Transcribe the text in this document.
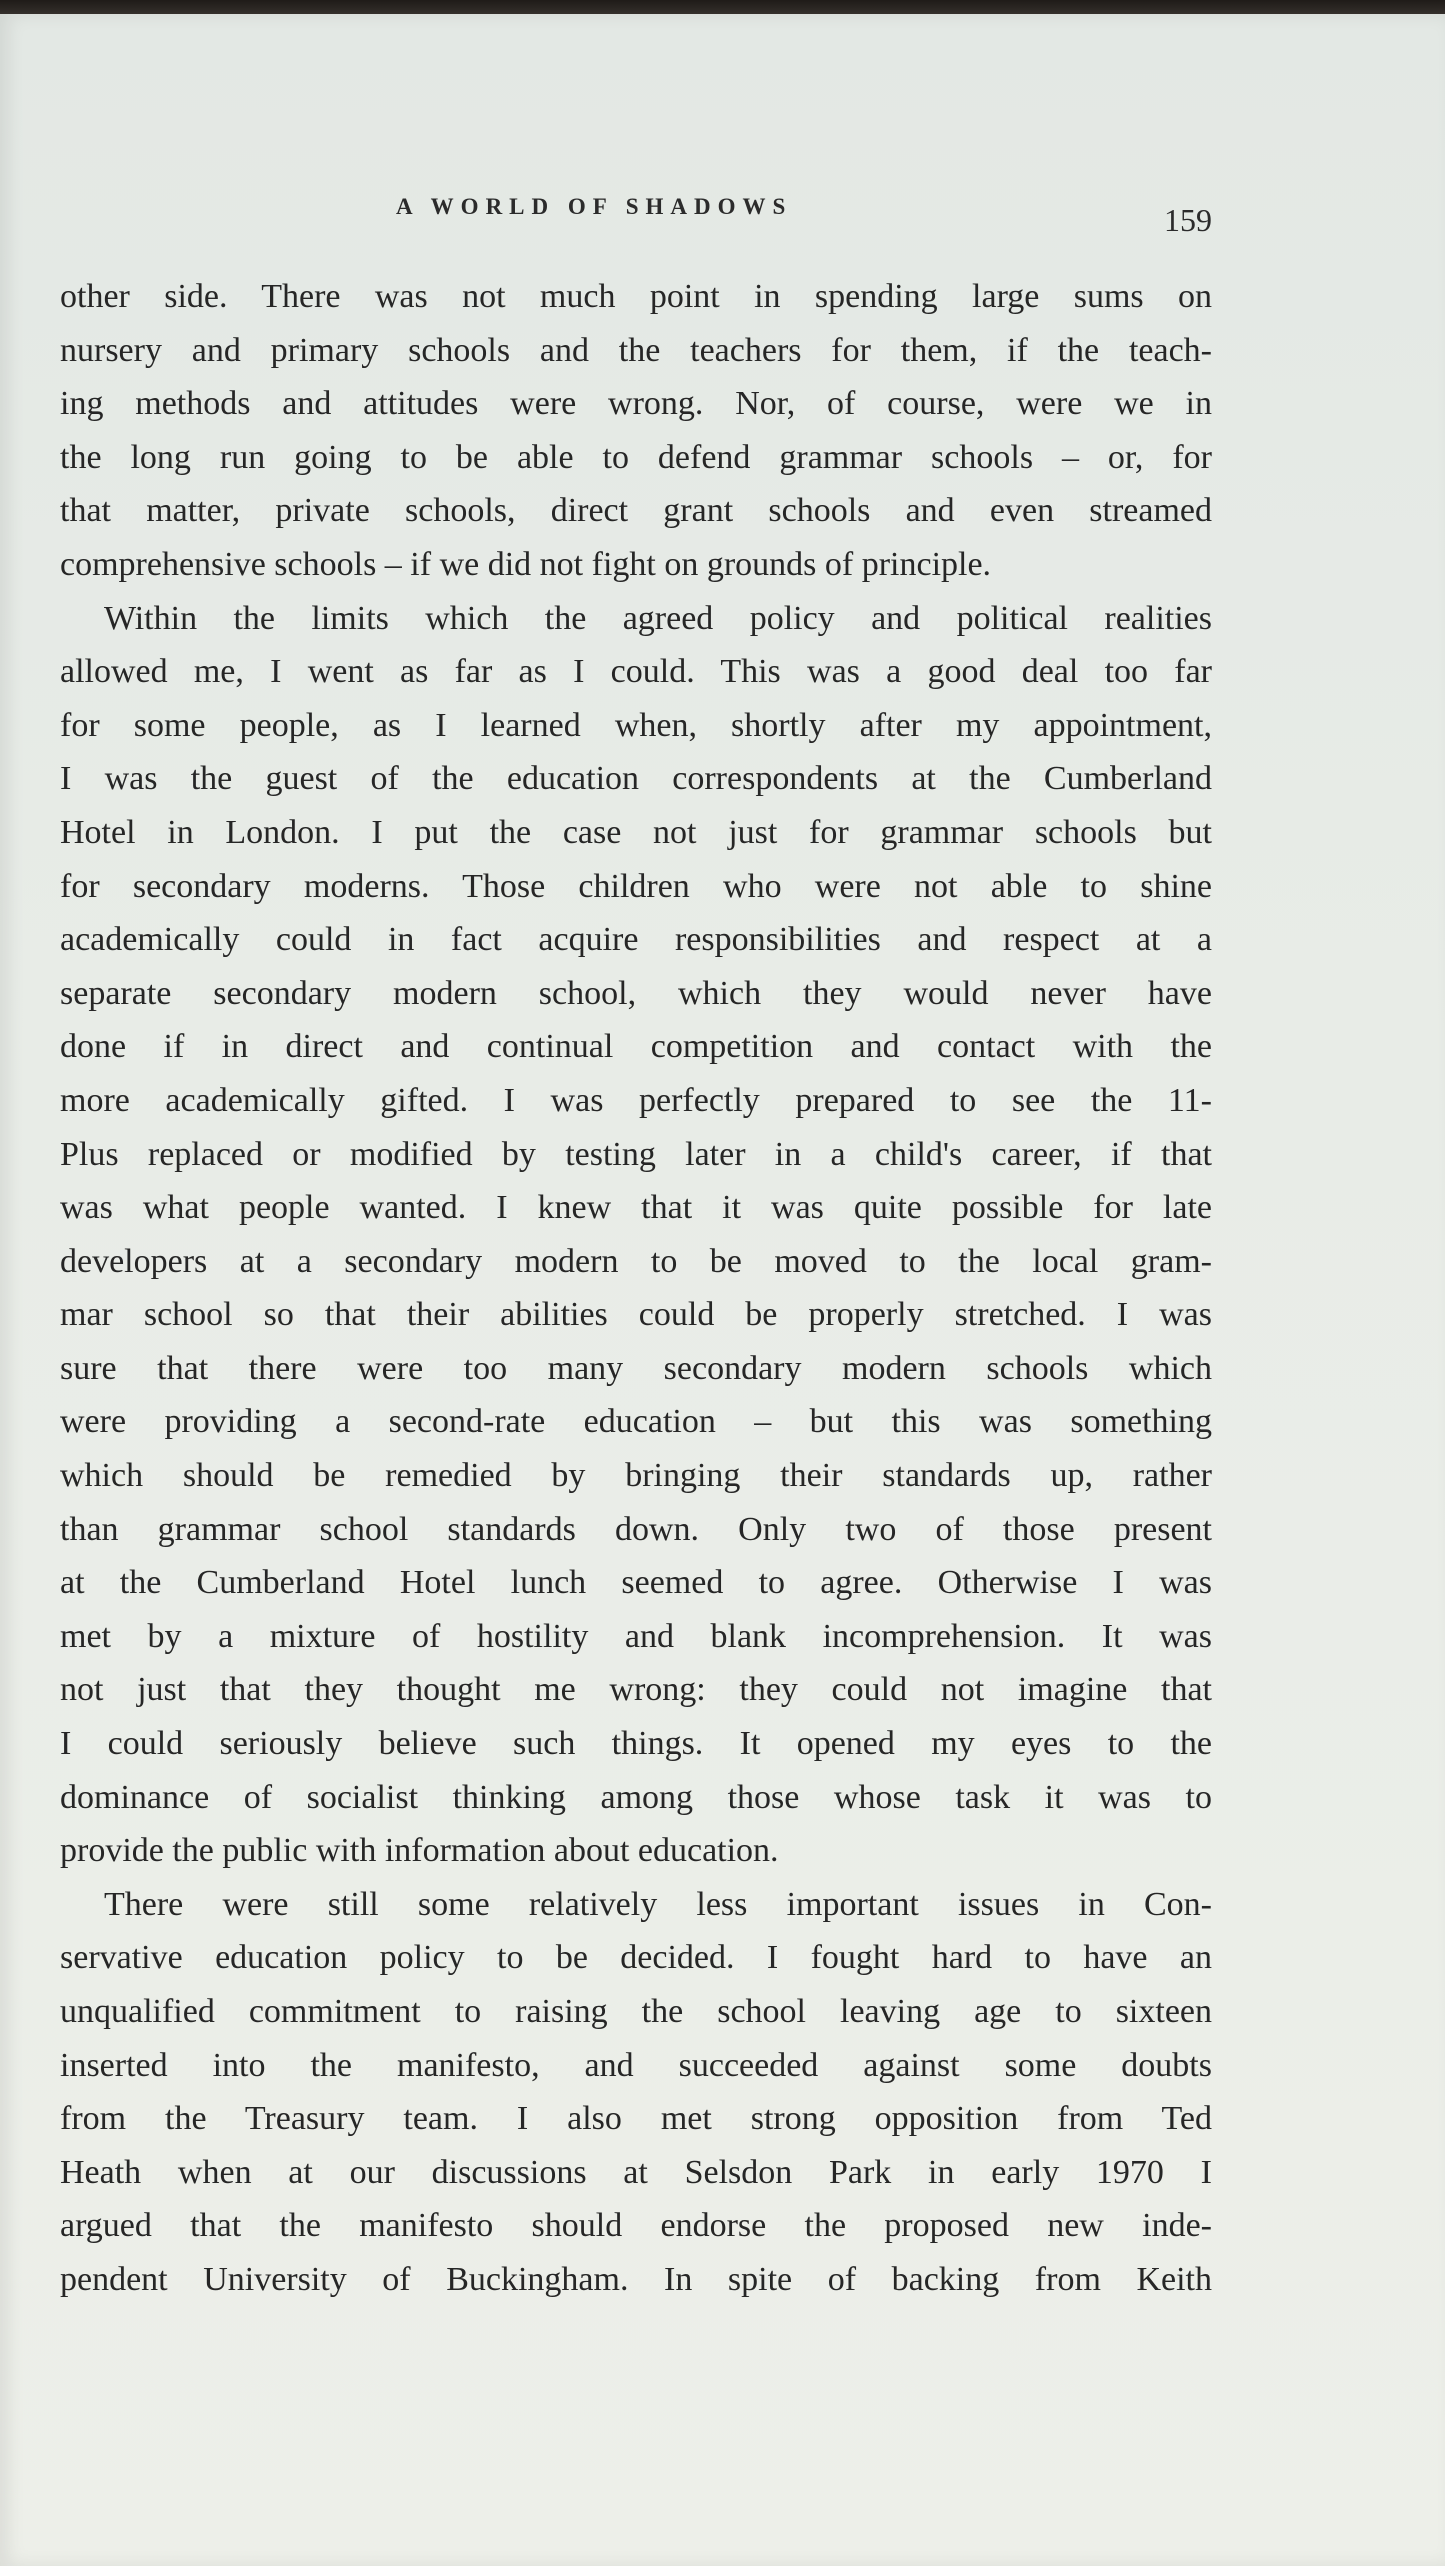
A WORLD OF SHADOWS	159
other side. There was not much point in spending large sums on
nursery and primary schools and the teachers for them, if the teach-
ing methods and attitudes were wrong. Nor, of course, were we in
the long run going to be able to defend grammar schools – or, for
that matter, private schools, direct grant schools and even streamed
comprehensive schools – if we did not fight on grounds of principle.
Within the limits which the agreed policy and political realities
allowed me, I went as far as I could. This was a good deal too far
for some people, as I learned when, shortly after my appointment,
I was the guest of the education correspondents at the Cumberland
Hotel in London. I put the case not just for grammar schools but
for secondary moderns. Those children who were not able to shine
academically could in fact acquire responsibilities and respect at a
separate secondary modern school, which they would never have
done if in direct and continual competition and contact with the
more academically gifted. I was perfectly prepared to see the 11-
Plus replaced or modified by testing later in a child's career, if that
was what people wanted. I knew that it was quite possible for late
developers at a secondary modern to be moved to the local gram-
mar school so that their abilities could be properly stretched. I was
sure that there were too many secondary modern schools which
were providing a second-rate education – but this was something
which should be remedied by bringing their standards up, rather
than grammar school standards down. Only two of those present
at the Cumberland Hotel lunch seemed to agree. Otherwise I was
met by a mixture of hostility and blank incomprehension. It was
not just that they thought me wrong: they could not imagine that
I could seriously believe such things. It opened my eyes to the
dominance of socialist thinking among those whose task it was to
provide the public with information about education.
There were still some relatively less important issues in Con-
servative education policy to be decided. I fought hard to have an
unqualified commitment to raising the school leaving age to sixteen
inserted into the manifesto, and succeeded against some doubts
from the Treasury team. I also met strong opposition from Ted
Heath when at our discussions at Selsdon Park in early 1970 I
argued that the manifesto should endorse the proposed new inde-
pendent University of Buckingham. In spite of backing from Keith
